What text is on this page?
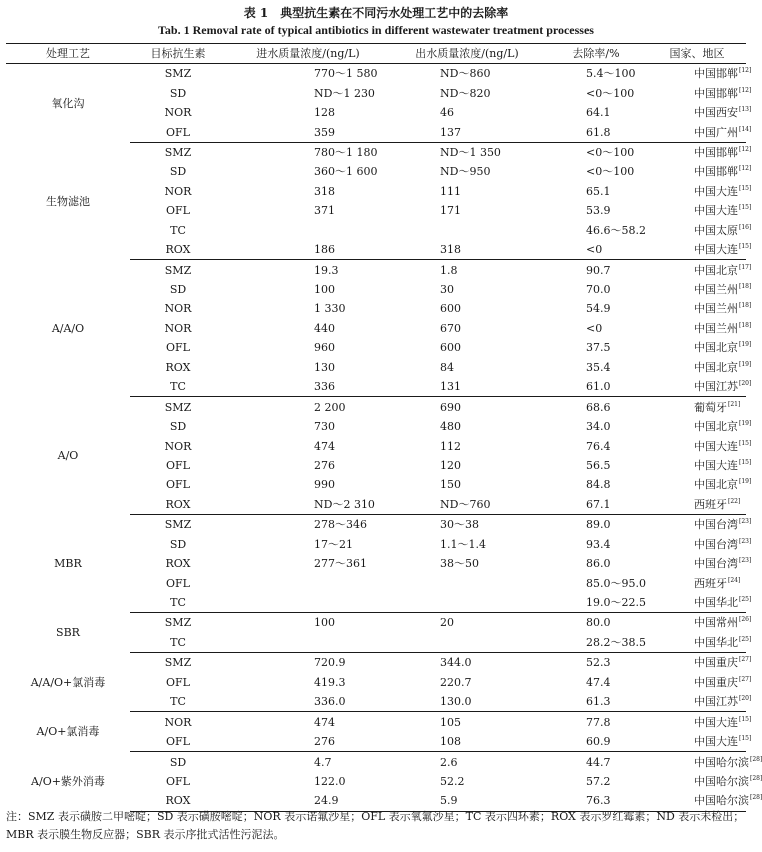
表 1　典型抗生素在不同污水处理工艺中的去除率
Tab. 1 Removal rate of typical antibiotics in different wastewater treatment processes
处理工艺	目标抗生素	进水质量浓度/(ng/L)	出水质量浓度/(ng/L)	去除率/%	国家、地区
氧化沟	SMZ	770～1 580	ND～860	5.4～100	中国邯郸[12]
	SD	ND～1 230	ND～820	<0～100	中国邯郸[12]
	NOR	128	46	64.1	中国西安[13]
	OFL	359	137	61.8	中国广州[14]
生物滤池	SMZ	780～1 180	ND～1 350	<0～100	中国邯郸[12]
	SD	360～1 600	ND～950	<0～100	中国邯郸[12]
	NOR	318	111	65.1	中国大连[15]
	OFL	371	171	53.9	中国大连[15]
	TC			46.6～58.2	中国太原[16]
	ROX	186	318	<0	中国大连[15]
A/A/O	SMZ	19.3	1.8	90.7	中国北京[17]
	SD	100	30	70.0	中国兰州[18]
	NOR	1 330	600	54.9	中国兰州[18]
	NOR	440	670	<0	中国兰州[18]
	OFL	960	600	37.5	中国北京[19]
	ROX	130	84	35.4	中国北京[19]
	TC	336	131	61.0	中国江苏[20]
A/O	SMZ	2 200	690	68.6	葡萄牙[21]
	SD	730	480	34.0	中国北京[19]
	NOR	474	112	76.4	中国大连[15]
	OFL	276	120	56.5	中国大连[15]
	OFL	990	150	84.8	中国北京[19]
	ROX	ND～2 310	ND～760	67.1	西班牙[22]
MBR	SMZ	278～346	30～38	89.0	中国台湾[23]
	SD	17～21	1.1～1.4	93.4	中国台湾[23]
	ROX	277～361	38～50	86.0	中国台湾[23]
	OFL			85.0～95.0	西班牙[24]
	TC			19.0～22.5	中国华北[25]
SBR	SMZ	100	20	80.0	中国常州[26]
	TC			28.2～38.5	中国华北[25]
A/A/O+氯消毒	SMZ	720.9	344.0	52.3	中国重庆[27]
	OFL	419.3	220.7	47.4	中国重庆[27]
	TC	336.0	130.0	61.3	中国江苏[20]
A/O+氯消毒	NOR	474	105	77.8	中国大连[15]
	OFL	276	108	60.9	中国大连[15]
A/O+紫外消毒	SD	4.7	2.6	44.7	中国哈尔滨[28]
	OFL	122.0	52.2	57.2	中国哈尔滨[28]
	ROX	24.9	5.9	76.3	中国哈尔滨[28]
注：SMZ 表示磺胺二甲嘧啶；SD 表示磺胺嘧啶；NOR 表示诺氟沙星；OFL 表示氧氟沙星；TC 表示四环素；ROX 表示罗红霉素；ND 表示未检出；MBR 表示膜生物反应器；SBR 表示序批式活性污泥法。
